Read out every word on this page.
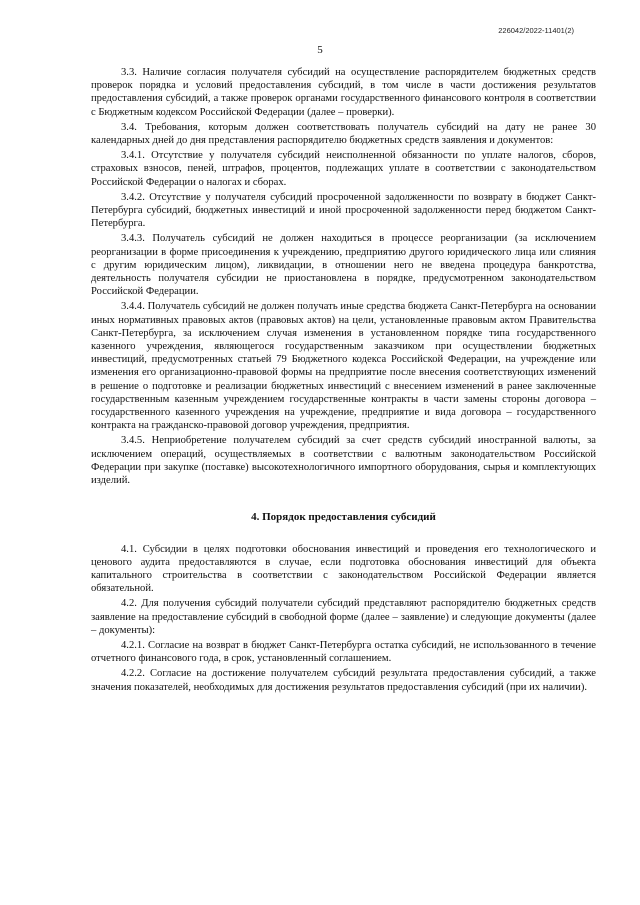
226042/2022-11401(2)
5

3.3. Наличие согласия получателя субсидий на осуществление распорядителем бюджетных средств проверок порядка и условий предоставления субсидий, в том числе в части достижения результатов предоставления субсидий, а также проверок органами государственного финансового контроля в соответствии с Бюджетным кодексом Российской Федерации (далее – проверки).

3.4. Требования, которым должен соответствовать получатель субсидий на дату не ранее 30 календарных дней до дня представления распорядителю бюджетных средств заявления и документов:

3.4.1. Отсутствие у получателя субсидий неисполненной обязанности по уплате налогов, сборов, страховых взносов, пеней, штрафов, процентов, подлежащих уплате в соответствии с законодательством Российской Федерации о налогах и сборах.

3.4.2. Отсутствие у получателя субсидий просроченной задолженности по возврату в бюджет Санкт-Петербурга субсидий, бюджетных инвестиций и иной просроченной задолженности перед бюджетом Санкт-Петербурга.

3.4.3. Получатель субсидий не должен находиться в процессе реорганизации (за исключением реорганизации в форме присоединения к учреждению, предприятию другого юридического лица или слияния с другим юридическим лицом), ликвидации, в отношении него не введена процедура банкротства, деятельность получателя субсидии не приостановлена в порядке, предусмотренном законодательством Российской Федерации.

3.4.4. Получатель субсидий не должен получать иные средства бюджета Санкт-Петербурга на основании иных нормативных правовых актов (правовых актов) на цели, установленные правовым актом Правительства Санкт-Петербурга, за исключением случая изменения в установленном порядке типа государственного казенного учреждения, являющегося государственным заказчиком при осуществлении бюджетных инвестиций, предусмотренных статьей 79 Бюджетного кодекса Российской Федерации, на учреждение или изменения его организационно-правовой формы на предприятие после внесения соответствующих изменений в решение о подготовке и реализации бюджетных инвестиций с внесением изменений в ранее заключенные государственным казенным учреждением государственные контракты в части замены стороны договора – государственного казенного учреждения на учреждение, предприятие и вида договора – государственного контракта на гражданско-правовой договор учреждения, предприятия.

3.4.5. Неприобретение получателем субсидий за счет средств субсидий иностранной валюты, за исключением операций, осуществляемых в соответствии с валютным законодательством Российской Федерации при закупке (поставке) высокотехнологичного импортного оборудования, сырья и комплектующих изделий.

4. Порядок предоставления субсидий

4.1. Субсидии в целях подготовки обоснования инвестиций и проведения его технологического и ценового аудита предоставляются в случае, если подготовка обоснования инвестиций для объекта капитального строительства в соответствии с законодательством Российской Федерации является обязательной.

4.2. Для получения субсидий получатели субсидий представляют распорядителю бюджетных средств заявление на предоставление субсидий в свободной форме (далее – заявление) и следующие документы (далее – документы):

4.2.1. Согласие на возврат в бюджет Санкт-Петербурга остатка субсидий, не использованного в течение отчетного финансового года, в срок, установленный соглашением.

4.2.2. Согласие на достижение получателем субсидий результата предоставления субсидий, а также значения показателей, необходимых для достижения результатов предоставления субсидий (при их наличии).
